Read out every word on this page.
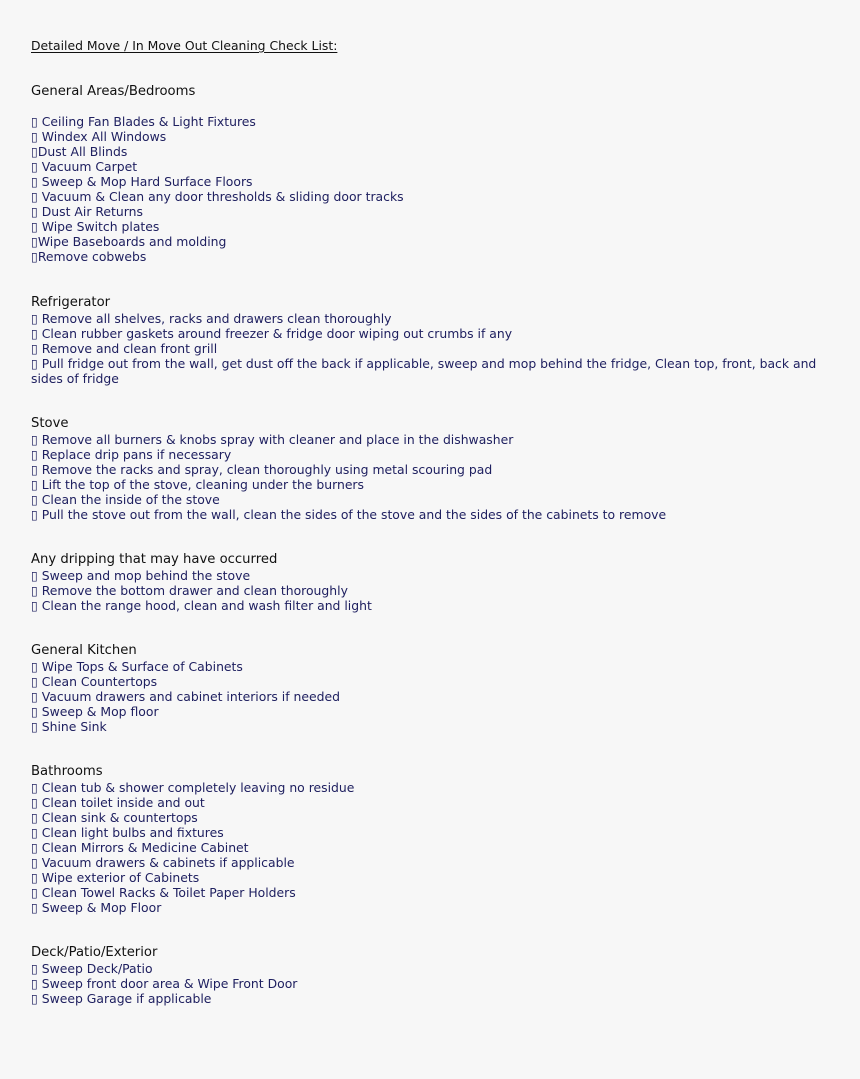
Detailed Move / In Move Out Cleaning Check List:
General Areas/Bedrooms
▯ Ceiling Fan Blades & Light Fixtures
▯ Windex All Windows
▯Dust All Blinds
▯ Vacuum Carpet
▯ Sweep & Mop Hard Surface Floors
▯ Vacuum & Clean any door thresholds & sliding door tracks
▯ Dust Air Returns
▯ Wipe Switch plates
▯Wipe Baseboards and molding
▯Remove cobwebs
Refrigerator
▯ Remove all shelves, racks and drawers clean thoroughly
▯ Clean rubber gaskets around freezer & fridge door wiping out crumbs if any
▯ Remove and clean front grill
▯ Pull fridge out from the wall, get dust off the back if applicable, sweep and mop behind the fridge, Clean top, front, back and sides of fridge
Stove
▯ Remove all burners & knobs spray with cleaner and place in the dishwasher
▯ Replace drip pans if necessary
▯ Remove the racks and spray, clean thoroughly using metal scouring pad
▯ Lift the top of the stove, cleaning under the burners
▯ Clean the inside of the stove
▯ Pull the stove out from the wall, clean the sides of the stove and the sides of the cabinets to remove
Any dripping that may have occurred
▯ Sweep and mop behind the stove
▯ Remove the bottom drawer and clean thoroughly
▯ Clean the range hood, clean and wash filter and light
General Kitchen
▯ Wipe Tops & Surface of Cabinets
▯ Clean Countertops
▯ Vacuum drawers and cabinet interiors if needed
▯ Sweep & Mop floor
▯ Shine Sink
Bathrooms
▯ Clean tub & shower completely leaving no residue
▯ Clean toilet inside and out
▯ Clean sink & countertops
▯ Clean light bulbs and fixtures
▯ Clean Mirrors & Medicine Cabinet
▯ Vacuum drawers & cabinets if applicable
▯ Wipe exterior of Cabinets
▯ Clean Towel Racks & Toilet Paper Holders
▯ Sweep & Mop Floor
Deck/Patio/Exterior
▯ Sweep Deck/Patio
▯ Sweep front door area & Wipe Front Door
▯ Sweep Garage if applicable
